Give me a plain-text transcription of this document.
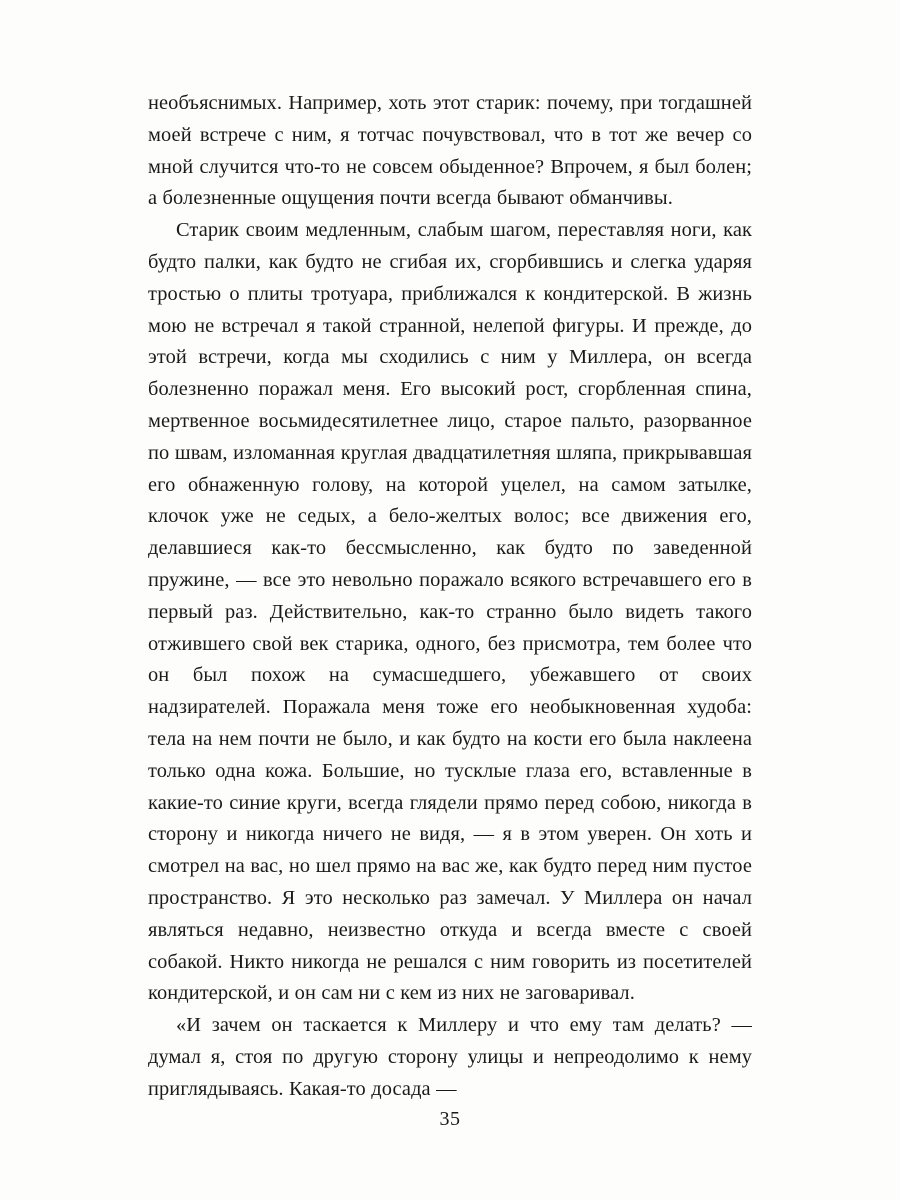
необъяснимых. Например, хоть этот старик: почему, при тогдашней моей встрече с ним, я тотчас почувствовал, что в тот же вечер со мной случится что-то не совсем обыденное? Впрочем, я был болен; а болезненные ощущения почти всегда бывают обманчивы.

Старик своим медленным, слабым шагом, переставляя ноги, как будто палки, как будто не сгибая их, сгорбившись и слегка ударяя тростью о плиты тротуара, приближался к кондитерской. В жизнь мою не встречал я такой странной, нелепой фигуры. И прежде, до этой встречи, когда мы сходились с ним у Миллера, он всегда болезненно поражал меня. Его высокий рост, сгорбленная спина, мертвенное восьмидесятилетнее лицо, старое пальто, разорванное по швам, изломанная круглая двадцатилетняя шляпа, прикрывавшая его обнаженную голову, на которой уцелел, на самом затылке, клочок уже не седых, а бело-желтых волос; все движения его, делавшиеся как-то бессмысленно, как будто по заведенной пружине, — все это невольно поражало всякого встречавшего его в первый раз. Действительно, как-то странно было видеть такого отжившего свой век старика, одного, без присмотра, тем более что он был похож на сумасшедшего, убежавшего от своих надзирателей. Поражала меня тоже его необыкновенная худоба: тела на нем почти не было, и как будто на кости его была наклеена только одна кожа. Большие, но тусклые глаза его, вставленные в какие-то синие круги, всегда глядели прямо перед собою, никогда в сторону и никогда ничего не видя, — я в этом уверен. Он хоть и смотрел на вас, но шел прямо на вас же, как будто перед ним пустое пространство. Я это несколько раз замечал. У Миллера он начал являться недавно, неизвестно откуда и всегда вместе с своей собакой. Никто никогда не решался с ним говорить из посетителей кондитерской, и он сам ни с кем из них не заговаривал.

«И зачем он таскается к Миллеру и что ему там делать? — думал я, стоя по другую сторону улицы и непреодолимо к нему приглядываясь. Какая-то досада —

35
